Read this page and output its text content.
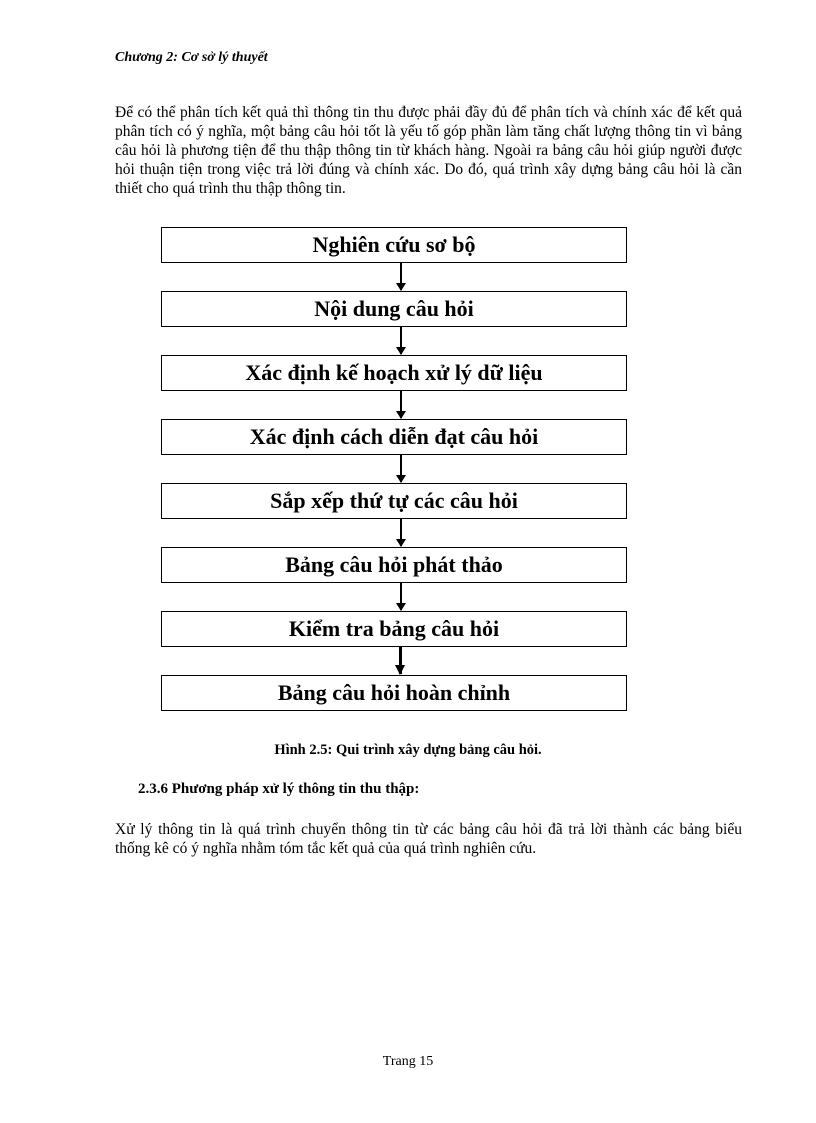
Chương 2: Cơ sở lý thuyết
Để có thể phân tích kết quả thì thông tin thu được phải đầy đủ để phân tích và chính xác để kết quả phân tích có ý nghĩa, một bảng câu hỏi tốt là yếu tố góp phần làm tăng chất lượng thông tin vì bảng câu hỏi là phương tiện để thu thập thông tin từ khách hàng. Ngoài ra bảng câu hỏi giúp người được hỏi thuận tiện trong việc trả lời đúng và chính xác. Do đó, quá trình xây dựng bảng câu hỏi là cần thiết cho quá trình thu thập thông tin.
Nghiên cứu sơ bộ
Nội dung câu hỏi
Xác định kế hoạch xử lý dữ liệu
Xác định cách diễn đạt câu hỏi
Sắp xếp thứ tự các câu hỏi
Bảng câu hỏi phát thảo
Kiểm tra bảng câu hỏi
Bảng câu hỏi hoàn chỉnh
Hình 2.5: Qui trình xây dựng bảng câu hỏi.
2.3.6 Phương pháp xử lý thông tin thu thập:
Xử lý thông tin là quá trình chuyển thông tin từ các bảng câu hỏi đã trả lời thành các bảng biểu thống kê có ý nghĩa nhằm tóm tắc kết quả của quá trình nghiên cứu.
Trang 15
